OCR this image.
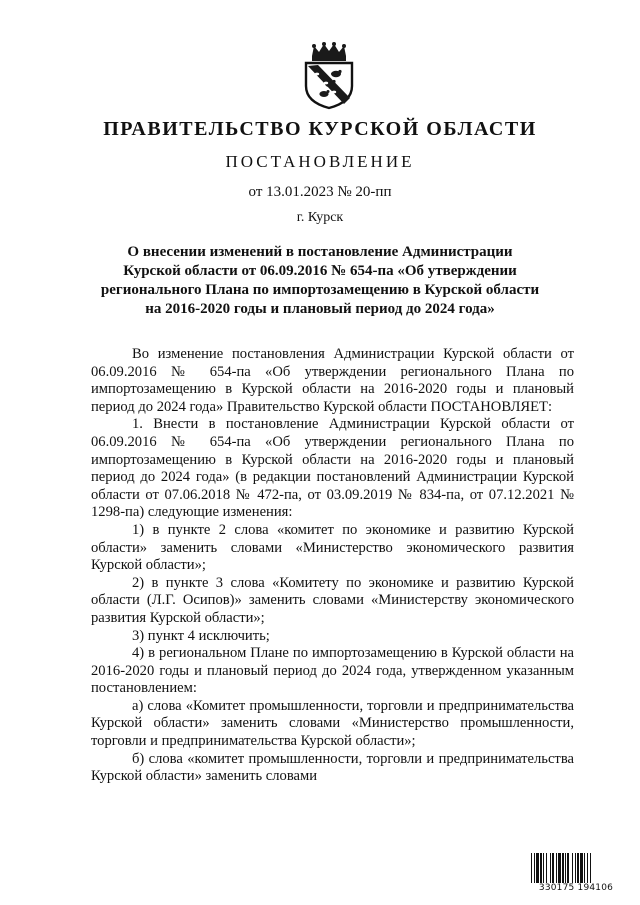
ПРАВИТЕЛЬСТВО КУРСКОЙ ОБЛАСТИ
ПОСТАНОВЛЕНИЕ
от 13.01.2023 № 20-пп
г. Курск

О внесении изменений в постановление Администрации Курской области от 06.09.2016 № 654-па «Об утверждении регионального Плана по импортозамещению в Курской области на 2016-2020 годы и плановый период до 2024 года»

Во изменение постановления Администрации Курской области от 06.09.2016 № 654-па «Об утверждении регионального Плана по импортозамещению в Курской области на 2016-2020 годы и плановый период до 2024 года» Правительство Курской области ПОСТАНОВЛЯЕТ:

1. Внести в постановление Администрации Курской области от 06.09.2016 № 654-па «Об утверждении регионального Плана по импортозамещению в Курской области на 2016-2020 годы и плановый период до 2024 года» (в редакции постановлений Администрации Курской области от 07.06.2018 № 472-па, от 03.09.2019 № 834-па, от 07.12.2021 № 1298-па) следующие изменения:

1) в пункте 2 слова «комитет по экономике и развитию Курской области» заменить словами «Министерство экономического развития Курской области»;

2) в пункте 3 слова «Комитету по экономике и развитию Курской области (Л.Г. Осипов)» заменить словами «Министерству экономического развития Курской области»;

3) пункт 4 исключить;

4) в региональном Плане по импортозамещению в Курской области на 2016-2020 годы и плановый период до 2024 года, утвержденном указанным постановлением:

а) слова «Комитет промышленности, торговли и предпринимательства Курской области» заменить словами «Министерство промышленности, торговли и предпринимательства Курской области»;

б) слова «комитет промышленности, торговли и предпринимательства Курской области» заменить словами

330175 194106
